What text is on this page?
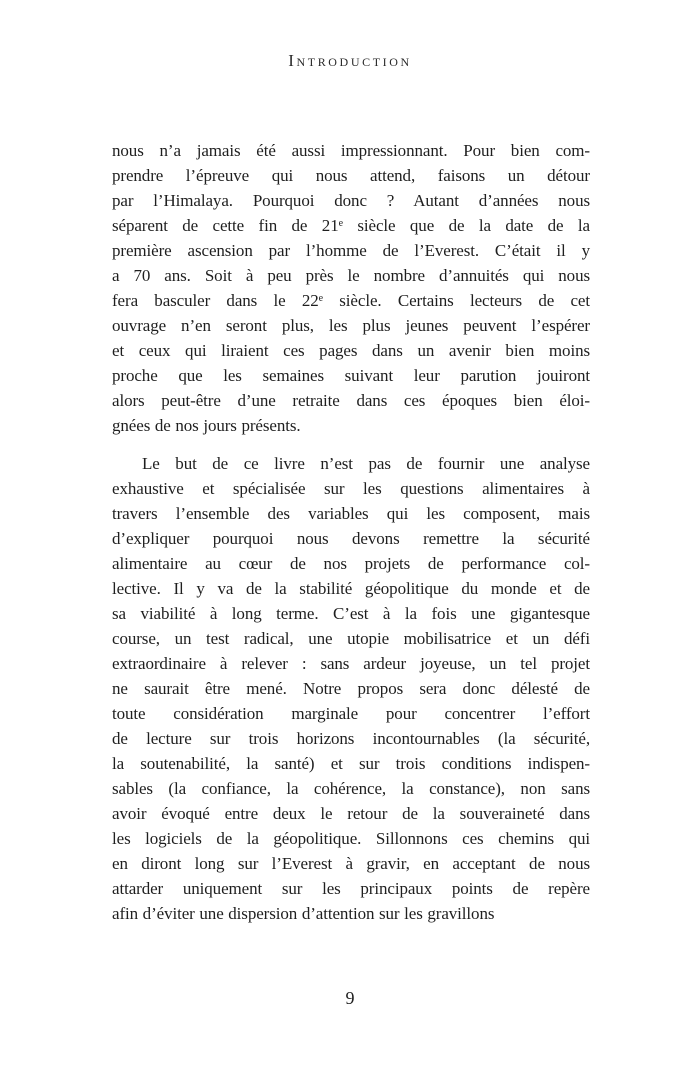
Introduction
nous n’a jamais été aussi impressionnant. Pour bien com-
prendre l’épreuve qui nous attend, faisons un détour
par l’Himalaya. Pourquoi donc ? Autant d’années nous
séparent de cette fin de 21e siècle que de la date de la
première ascension par l’homme de l’Everest. C’était il y
a 70 ans. Soit à peu près le nombre d’annuités qui nous
fera basculer dans le 22e siècle. Certains lecteurs de cet
ouvrage n’en seront plus, les plus jeunes peuvent l’espérer
et ceux qui liraient ces pages dans un avenir bien moins
proche que les semaines suivant leur parution jouiront
alors peut-être d’une retraite dans ces époques bien éloi-
gnées de nos jours présents.
Le but de ce livre n’est pas de fournir une analyse
exhaustive et spécialisée sur les questions alimentaires à
travers l’ensemble des variables qui les composent, mais
d’expliquer pourquoi nous devons remettre la sécurité
alimentaire au cœur de nos projets de performance col-
lective. Il y va de la stabilité géopolitique du monde et de
sa viabilité à long terme. C’est à la fois une gigantesque
course, un test radical, une utopie mobilisatrice et un défi
extraordinaire à relever : sans ardeur joyeuse, un tel projet
ne saurait être mené. Notre propos sera donc délesté de
toute considération marginale pour concentrer l’effort
de lecture sur trois horizons incontournables (la sécurité,
la soutenabilité, la santé) et sur trois conditions indispen-
sables (la confiance, la cohérence, la constance), non sans
avoir évoqué entre deux le retour de la souveraineté dans
les logiciels de la géopolitique. Sillonnons ces chemins qui
en diront long sur l’Everest à gravir, en acceptant de nous
attarder uniquement sur les principaux points de repère
afin d’éviter une dispersion d’attention sur les gravillons
9
